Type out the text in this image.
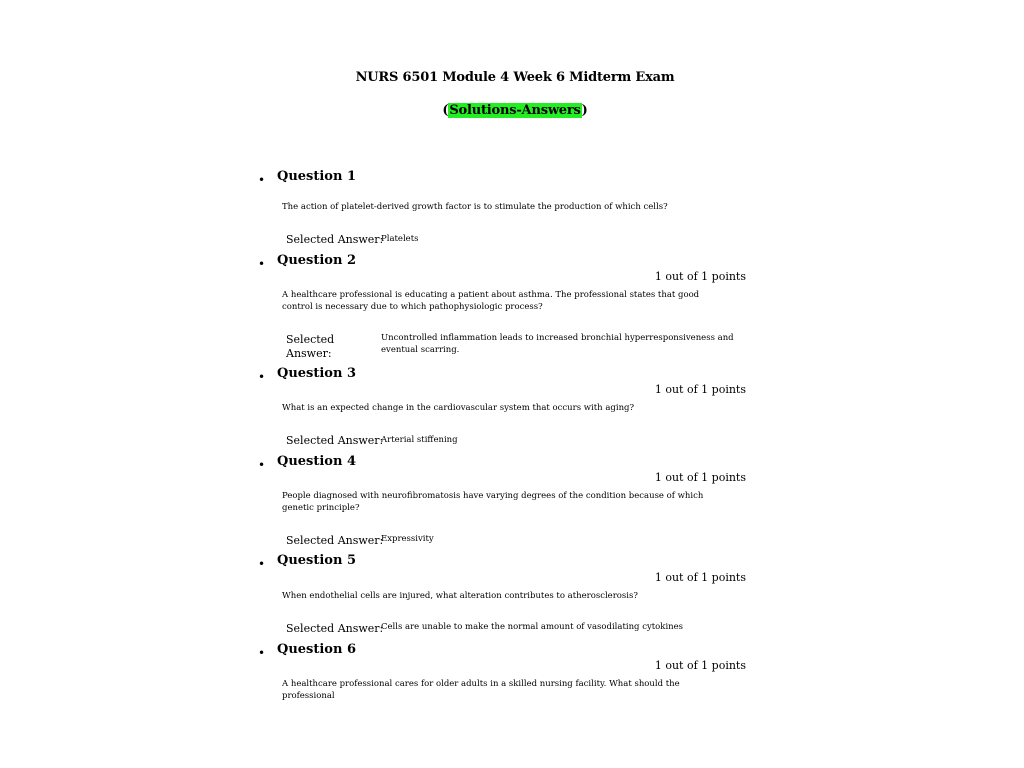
NURS 6501 Module 4 Week 6 Midterm Exam
(Solutions-Answers)
• Question 1
The action of platelet-derived growth factor is to stimulate the production of which cells?
Selected Answer:
Platelets
• Question 2
1 out of 1 points
A healthcare professional is educating a patient about asthma. The professional states that good control is necessary due to which pathophysiologic process?
Selected Answer:
Uncontrolled inflammation leads to increased bronchial hyperresponsiveness and eventual scarring.
• Question 3
1 out of 1 points
What is an expected change in the cardiovascular system that occurs with aging?
Selected Answer:
Arterial stiffening
• Question 4
1 out of 1 points
People diagnosed with neurofibromatosis have varying degrees of the condition because of which genetic principle?
Selected Answer:
Expressivity
• Question 5
1 out of 1 points
When endothelial cells are injured, what alteration contributes to atherosclerosis?
Selected Answer:
Cells are unable to make the normal amount of vasodilating cytokines
• Question 6
1 out of 1 points
A healthcare professional cares for older adults in a skilled nursing facility. What should the professional
